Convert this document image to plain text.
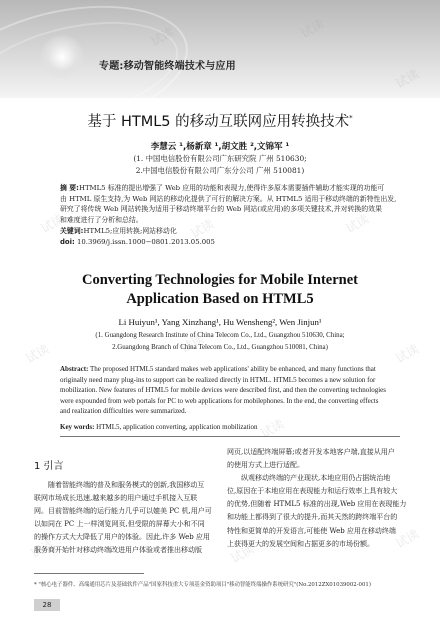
专题:移动智能终端技术与应用
试读	试读
试读
试读	试读	试读
试读	试读	试读
试读
试读	试读
试读
基于 HTML5 的移动互联网应用转换技术*
李慧云 ¹,杨新章 ¹,胡文胜 ²,文锦军 ¹
(1. 中国电信股份有限公司广东研究院 广州 510630;
2.中国电信股份有限公司广东分公司 广州 510081)
摘 要:HTML5 标准的提出增强了 Web 应用的功能和表现力,使得许多原本需要插件辅助才能实现的功能可
由 HTML 原生支持,为 Web 网站的移动化提供了可行的解决方案。从 HTML5 适用于移动终端的新特性出发,
研究了将传统 Web 网站转换为适用于移动终端平台的 Web 网站(或应用)的多项关键技术,并对转换的效果
和难度进行了分析和总结。
关键词:HTML5;应用转换;网站移动化
doi: 10.3969/j.issn.1000−0801.2013.05.005
Converting Technologies for Mobile Internet
Application Based on HTML5
Li Huiyun¹, Yang Xinzhang¹, Hu Wensheng², Wen Jinjun¹
(1. Guangdong Research Institute of China Telecom Co., Ltd., Guangzhou 510630, China;
2.Guangdong Branch of China Telecom Co., Ltd., Guangzhou 510081, China)
Abstract: The proposed HTML5 standard makes web applications' ability be enhanced, and many functions that
originally need many plug-ins to support can be realized directly in HTML. HTML5 becomes a new solution for
mobilization. New features of HTML5 for mobile devices were described first, and then the converting technologies
were expounded from web portals for PC to web applications for mobilephones. In the end, the converting effects
and realization difficulties were summarized.
Key words: HTML5, application converting, application mobilization
1 引言
随着智能终端的普及和服务模式的创新,我国移动互
联网市场成长迅速,越来越多的用户通过手机接入互联
网。目前智能终端的运行能力几乎可以媲美 PC 机,用户可
以如同在 PC 上一样浏览网页,但受限的屏幕大小和不同
的操作方式大大降低了用户的体验。因此,许多 Web 应用
服务商开始针对移动终端改进用户体验或者推出移动版
网页,以适配终端屏幕;或者开发本地客户端,直接从用户
的使用方式上进行适配。
纵观移动终端的产业现状,本地应用仍占据统治地
位,原因在于本地应用在表现能力和运行效率上具有较大
的优势,但随着 HTML5 标准的出现,Web 应用在表现能力
和功能上都得到了很大的提升,而其天然的跨终端平台的
特性和更简单的开发语言,可能使 Web 应用在移动终端
上获得更大的发展空间和占据更多的市场份额。
* "核心电子器件、高端通用芯片及基础软件产品"国家科技重大专项基金资助项目"移动智能终端操作系统研究"(No.2012ZX01039002-001)
28
